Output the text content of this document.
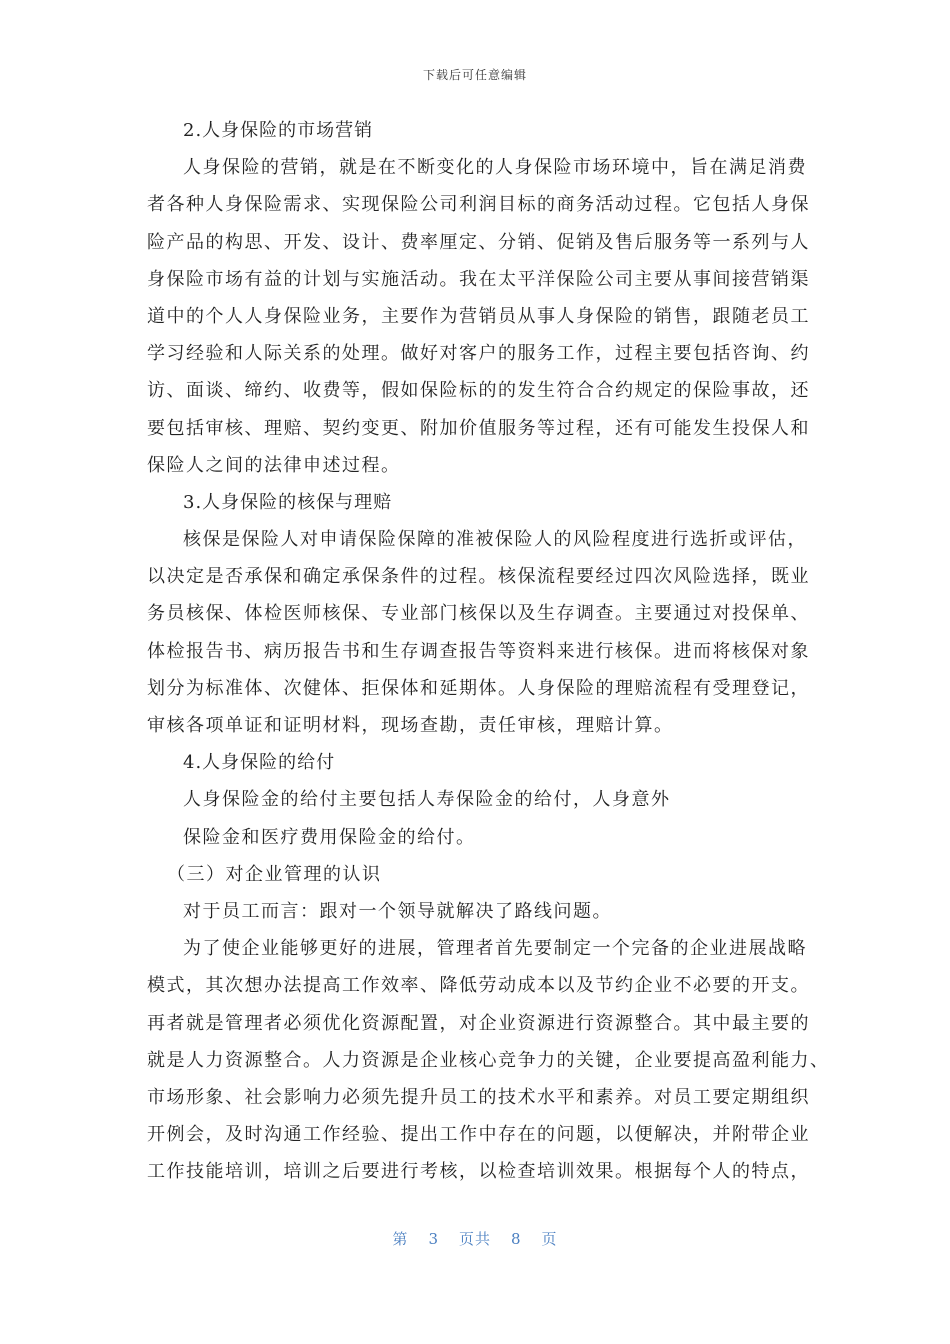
下载后可任意编辑
2.人身保险的市场营销
人身保险的营销，就是在不断变化的人身保险市场环境中，旨在满足消费
者各种人身保险需求、实现保险公司利润目标的商务活动过程。它包括人身保
险产品的构思、开发、设计、费率厘定、分销、促销及售后服务等一系列与人
身保险市场有益的计划与实施活动。我在太平洋保险公司主要从事间接营销渠
道中的个人人身保险业务，主要作为营销员从事人身保险的销售，跟随老员工
学习经验和人际关系的处理。做好对客户的服务工作，过程主要包括咨询、约
访、面谈、缔约、收费等，假如保险标的的发生符合合约规定的保险事故，还
要包括审核、理赔、契约变更、附加价值服务等过程，还有可能发生投保人和
保险人之间的法律申述过程。
3.人身保险的核保与理赔
核保是保险人对申请保险保障的准被保险人的风险程度进行选折或评估，
以决定是否承保和确定承保条件的过程。核保流程要经过四次风险选择，既业
务员核保、体检医师核保、专业部门核保以及生存调查。主要通过对投保单、
体检报告书、病历报告书和生存调查报告等资料来进行核保。进而将核保对象
划分为标准体、次健体、拒保体和延期体。人身保险的理赔流程有受理登记，
审核各项单证和证明材料，现场查勘，责任审核，理赔计算。
4.人身保险的给付
人身保险金的给付主要包括人寿保险金的给付，人身意外
保险金和医疗费用保险金的给付。
（三）对企业管理的认识
对于员工而言：跟对一个领导就解决了路线问题。
为了使企业能够更好的进展，管理者首先要制定一个完备的企业进展战略
模式，其次想办法提高工作效率、降低劳动成本以及节约企业不必要的开支。
再者就是管理者必须优化资源配置，对企业资源进行资源整合。其中最主要的
就是人力资源整合。人力资源是企业核心竞争力的关键，企业要提高盈利能力、
市场形象、社会影响力必须先提升员工的技术水平和素养。对员工要定期组织
开例会，及时沟通工作经验、提出工作中存在的问题，以便解决，并附带企业
工作技能培训，培训之后要进行考核，以检查培训效果。根据每个人的特点，
第 3 页共 8 页
